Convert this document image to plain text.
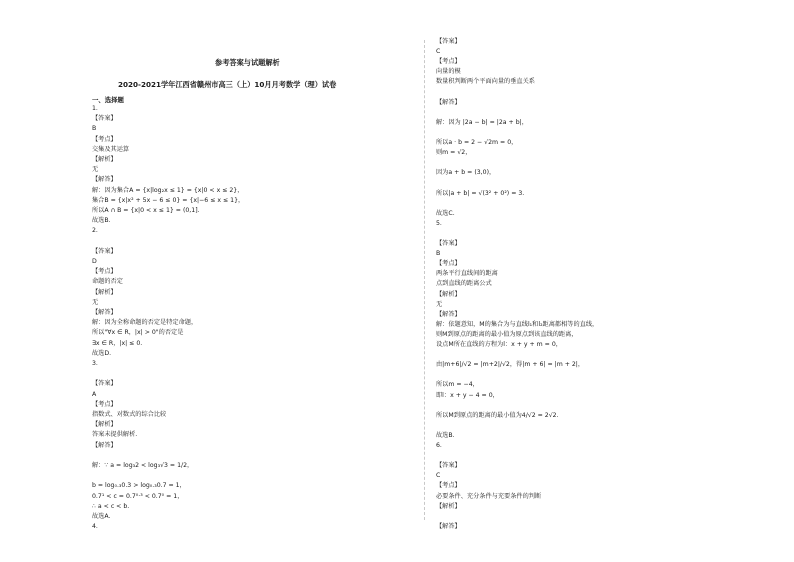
参考答案与试题解析
2020-2021学年江西省赣州市高三（上）10月月考数学（理）试卷
一、选择题
1.
【答案】
B
【考点】
交集及其运算
【解析】
无
【解答】
解：因为集合A = {x|log₂x ≤ 1} = {x|0 < x ≤ 2}，
集合B = {x|x² + 5x − 6 ≤ 0} = {x|−6 ≤ x ≤ 1}，
所以A ∩ B = {x|0 < x ≤ 1} = (0,1].
故选B.
2.
【答案】
D
【考点】
命题的否定
【解析】
无
【解答】
解：因为全称命题的否定是特定命题，
所以"∀x ∈ R，|x| > 0"的否定是
∃x ∈ R，|x| ≤ 0.
故选D.
3.
【答案】
A
【考点】
指数式、对数式的综合比较
【解析】
答案未提供解析.
【解答】
解：∵ a = log₃2 < log₃√3 = 1/2，
b = log₀.₃0.3 > log₀.₃0.7 = 1，
0.7¹ < c = 0.7⁰·³ < 0.7⁰ = 1，
∴ a < c < b.
故选A.
4.
【答案】
C
【考点】
向量的模
数量积判断两个平面向量的垂直关系
【解答】
解：因为 |2a − b| = |2a + b|，
所以a · b = 2 − √2m = 0，
则m = √2，
因为a + b = (3,0)，
所以|a + b| = √(3² + 0²) = 3.
故选C.
5.
【答案】
B
【考点】
两条平行直线间的距离
点到直线的距离公式
【解析】
无
【解答】
解：依题意知，M的集合为与直线l₁和l₂距离都相等的直线，
则M到原点的距离的最小值为原点到该直线的距离，
设点M所在直线的方程为l：x + y + m = 0，
由|m+6|/√2 = |m+2|/√2，得|m + 6| = |m + 2|，
所以m = −4，
即l：x + y − 4 = 0，
所以M到原点的距离的最小值为4/√2 = 2√2.
故选B.
6.
【答案】
C
【考点】
必要条件、充分条件与充要条件的判断
【解析】
【解答】
